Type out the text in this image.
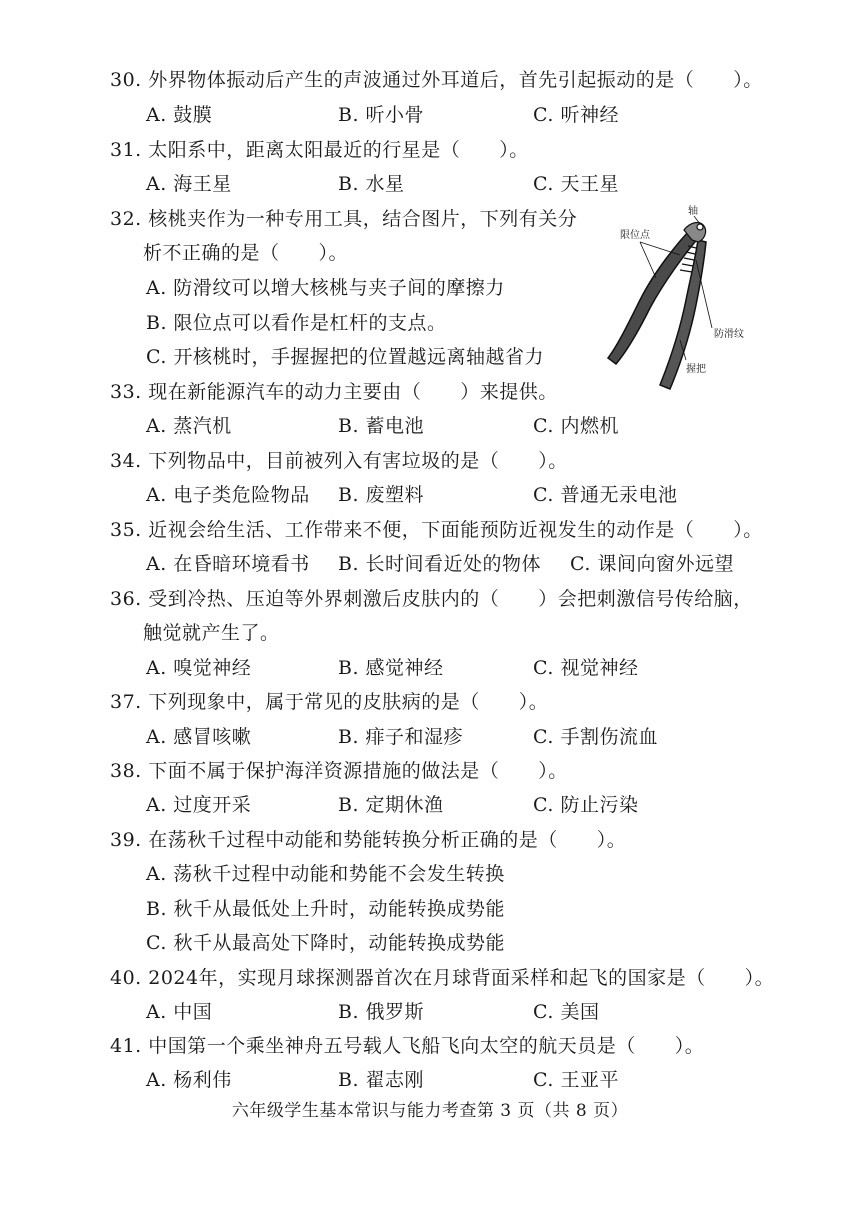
30. 外界物体振动后产生的声波通过外耳道后，首先引起振动的是（　　）。
A. 鼓膜	B. 听小骨	C. 听神经
31. 太阳系中，距离太阳最近的行星是（　　）。
A. 海王星	B. 水星	C. 天王星
32. 核桃夹作为一种专用工具，结合图片，下列有关分
析不正确的是（　　）。
A. 防滑纹可以增大核桃与夹子间的摩擦力
B. 限位点可以看作是杠杆的支点。
C. 开核桃时，手握握把的位置越远离轴越省力
轴
限位点
防滑纹
握把
33. 现在新能源汽车的动力主要由（　　）来提供。
A. 蒸汽机	B. 蓄电池	C. 内燃机
34. 下列物品中，目前被列入有害垃圾的是（　　）。
A. 电子类危险物品 B. 废塑料	C. 普通无汞电池
35. 近视会给生活、工作带来不便，下面能预防近视发生的动作是（　　）。
A. 在昏暗环境看书 B. 长时间看近处的物体 C. 课间向窗外远望
36. 受到冷热、压迫等外界刺激后皮肤内的（　　）会把刺激信号传给脑，
触觉就产生了。
A. 嗅觉神经	B. 感觉神经	C. 视觉神经
37. 下列现象中，属于常见的皮肤病的是（　　）。
A. 感冒咳嗽	B. 痱子和湿疹	C. 手割伤流血
38. 下面不属于保护海洋资源措施的做法是（　　）。
A. 过度开采	B. 定期休渔	C. 防止污染
39. 在荡秋千过程中动能和势能转换分析正确的是（　　）。
A. 荡秋千过程中动能和势能不会发生转换
B. 秋千从最低处上升时，动能转换成势能
C. 秋千从最高处下降时，动能转换成势能
40. 2024年，实现月球探测器首次在月球背面采样和起飞的国家是（　　）。
A. 中国	B. 俄罗斯	C. 美国
41. 中国第一个乘坐神舟五号载人飞船飞向太空的航天员是（　　）。
A. 杨利伟	B. 翟志刚	C. 王亚平
六年级学生基本常识与能力考查第 3 页（共 8 页）
